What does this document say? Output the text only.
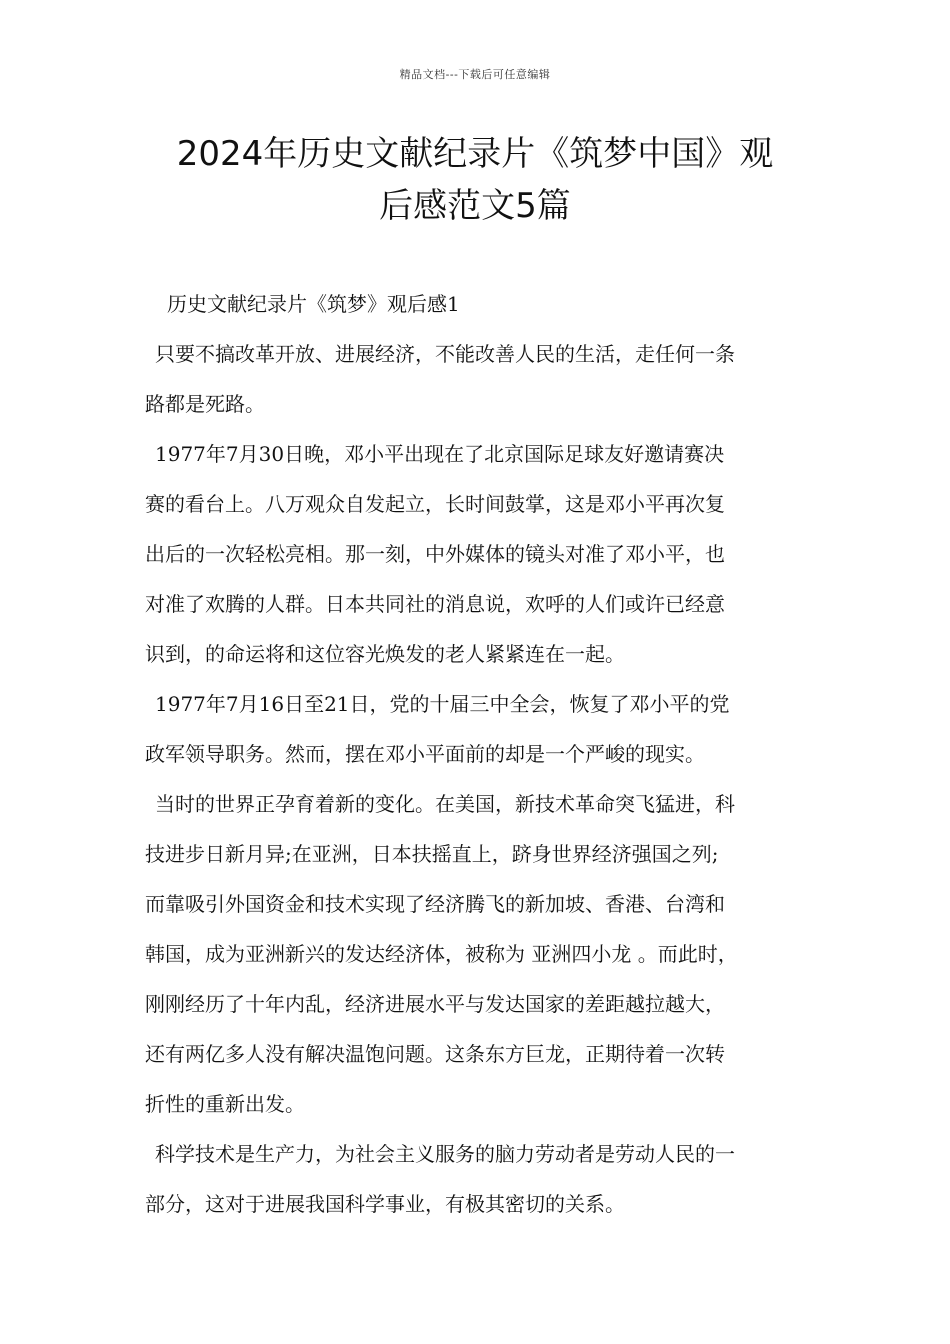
精品文档---下载后可任意编辑
2024年历史文献纪录片《筑梦中国》观
后感范文5篇

历史文献纪录片《筑梦》观后感1

只要不搞改革开放、进展经济，不能改善人民的生活，走任何一条

路都是死路。

1977年7月30日晚，邓小平出现在了北京国际足球友好邀请赛决

赛的看台上。八万观众自发起立，长时间鼓掌，这是邓小平再次复

出后的一次轻松亮相。那一刻，中外媒体的镜头对准了邓小平，也

对准了欢腾的人群。日本共同社的消息说，欢呼的人们或许已经意

识到，的命运将和这位容光焕发的老人紧紧连在一起。

1977年7月16日至21日，党的十届三中全会，恢复了邓小平的党

政军领导职务。然而，摆在邓小平面前的却是一个严峻的现实。

当时的世界正孕育着新的变化。在美国，新技术革命突飞猛进，科

技进步日新月异;在亚洲，日本扶摇直上，跻身世界经济强国之列;

而靠吸引外国资金和技术实现了经济腾飞的新加坡、香港、台湾和

韩国，成为亚洲新兴的发达经济体，被称为 亚洲四小龙 。而此时，

刚刚经历了十年内乱，经济进展水平与发达国家的差距越拉越大，

还有两亿多人没有解决温饱问题。这条东方巨龙，正期待着一次转

折性的重新出发。

科学技术是生产力，为社会主义服务的脑力劳动者是劳动人民的一

部分，这对于进展我国科学事业，有极其密切的关系。
